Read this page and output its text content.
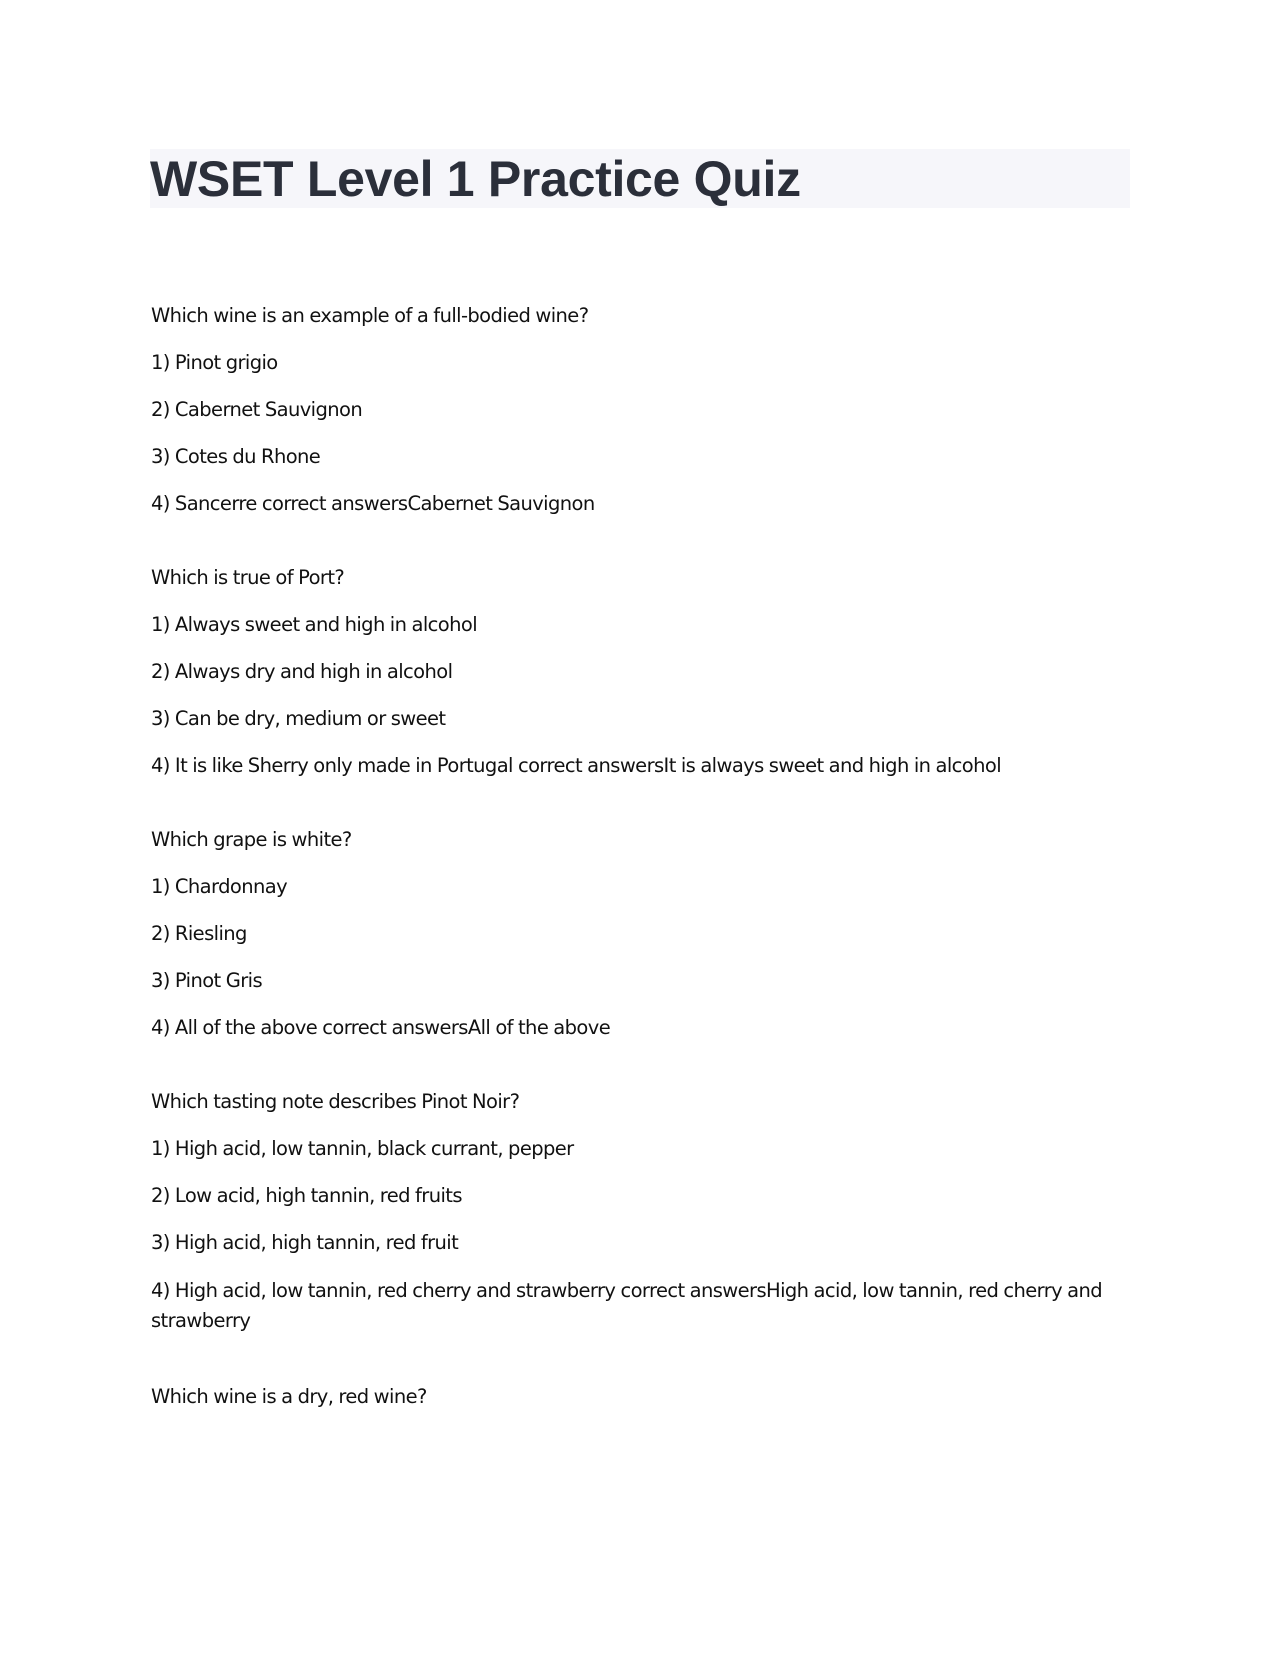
WSET Level 1 Practice Quiz

Which wine is an example of a full-bodied wine?

1) Pinot grigio

2) Cabernet Sauvignon

3) Cotes du Rhone

4) Sancerre correct answersCabernet Sauvignon

Which is true of Port?

1) Always sweet and high in alcohol

2) Always dry and high in alcohol

3) Can be dry, medium or sweet

4) It is like Sherry only made in Portugal correct answersIt is always sweet and high in alcohol

Which grape is white?

1) Chardonnay

2) Riesling

3) Pinot Gris

4) All of the above correct answersAll of the above

Which tasting note describes Pinot Noir?

1) High acid, low tannin, black currant, pepper

2) Low acid, high tannin, red fruits

3) High acid, high tannin, red fruit

4) High acid, low tannin, red cherry and strawberry correct answersHigh acid, low tannin, red cherry and strawberry

Which wine is a dry, red wine?
